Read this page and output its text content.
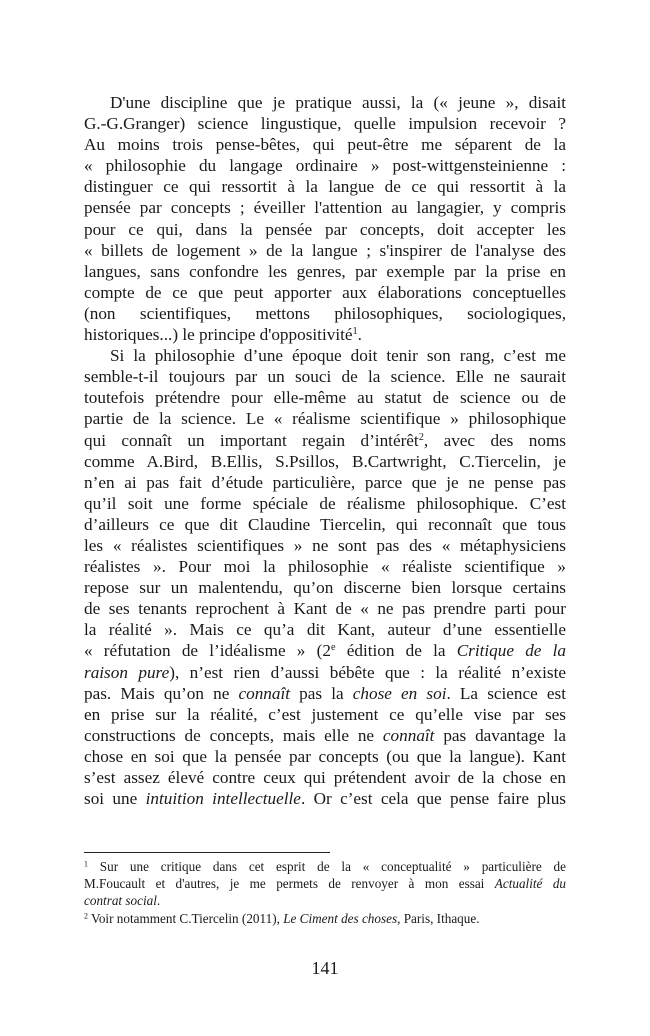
D'une discipline que je pratique aussi, la (« jeune », disait
G.-G.Granger) science lingustique, quelle impulsion recevoir ?
Au moins trois pense-bêtes, qui peut-être me séparent de la
« philosophie du langage ordinaire » post-wittgensteinienne :
distinguer ce qui ressortit à la langue de ce qui ressortit à la
pensée par concepts ; éveiller l'attention au langagier, y compris
pour ce qui, dans la pensée par concepts, doit accepter les
« billets de logement » de la langue ; s'inspirer de l'analyse des
langues, sans confondre les genres, par exemple par la prise en
compte de ce que peut apporter aux élaborations conceptuelles
(non scientifiques, mettons philosophiques, sociologiques,
historiques...) le principe d'oppositivité$^1$.
Si la philosophie d’une époque doit tenir son rang, c’est me
semble-t-il toujours par un souci de la science. Elle ne saurait
toutefois prétendre pour elle-même au statut de science ou de
partie de la science. Le « réalisme scientifique » philosophique
qui connaît un important regain d’intérêt$^2$, avec des noms
comme A.Bird, B.Ellis, S.Psillos, B.Cartwright, C.Tiercelin, je
n’en ai pas fait d’étude particulière, parce que je ne pense pas
qu’il soit une forme spéciale de réalisme philosophique. C’est
d’ailleurs ce que dit Claudine Tiercelin, qui reconnaît que tous
les « réalistes scientifiques » ne sont pas des « métaphysiciens
réalistes ». Pour moi la philosophie « réaliste scientifique »
repose sur un malentendu, qu’on discerne bien lorsque certains
de ses tenants reprochent à Kant de « ne pas prendre parti pour
la réalité ». Mais ce qu’a dit Kant, auteur d’une essentielle
« réfutation de l’idéalisme » (2e édition de la Critique de la
raison pure), n’est rien d’aussi bébête que : la réalité n’existe
pas. Mais qu’on ne connaît pas la chose en soi. La science est
en prise sur la réalité, c’est justement ce qu’elle vise par ses
constructions de concepts, mais elle ne connaît pas davantage la
chose en soi que la pensée par concepts (ou que la langue). Kant
s’est assez élevé contre ceux qui prétendent avoir de la chose en
soi une intuition intellectuelle. Or c’est cela que pense faire plus
$^1$ Sur une critique dans cet esprit de la « conceptualité » particulière de
M.Foucault et d'autres, je me permets de renvoyer à mon essai Actualité du
contrat social.
$^2$ Voir notamment C.Tiercelin (2011), Le Ciment des choses, Paris, Ithaque.
141
